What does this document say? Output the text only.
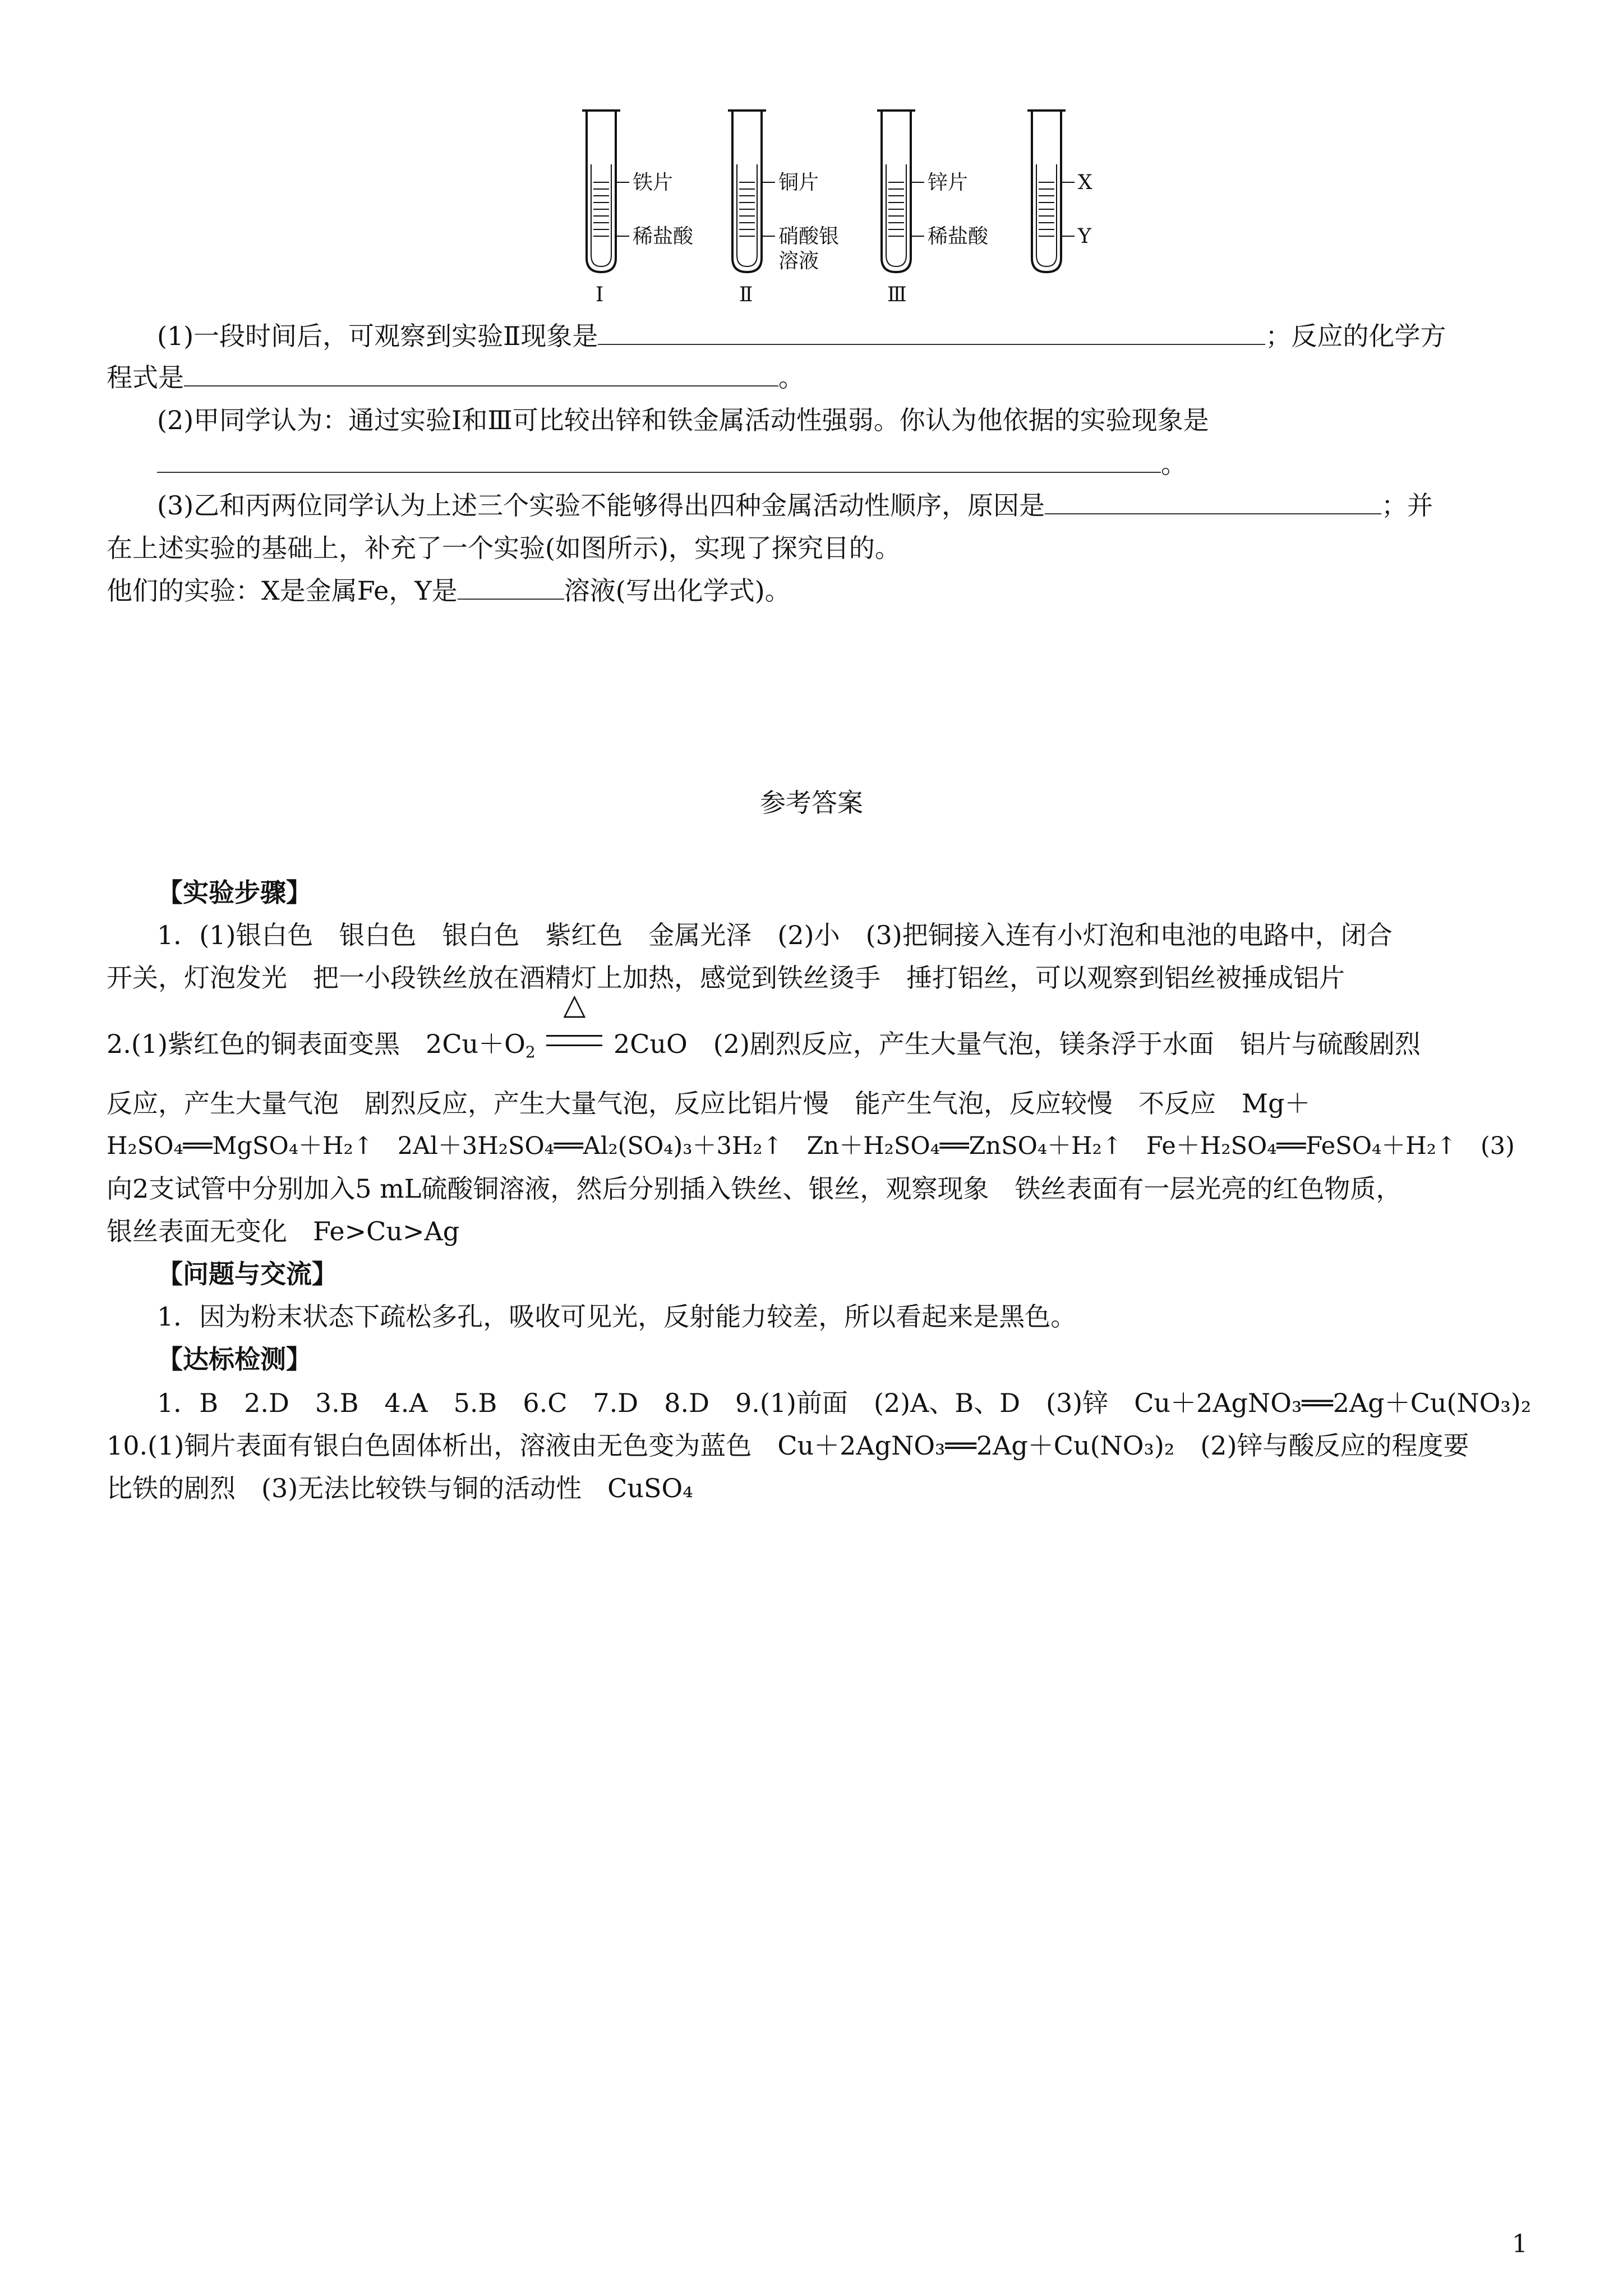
铁片
稀盐酸
Ⅰ
铜片
硝酸银
溶液
Ⅱ
锌片
稀盐酸
Ⅲ
X
Y
(1)一段时间后，可观察到实验Ⅱ现象是	；反应的化学方
程式是	。
(2)甲同学认为：通过实验Ⅰ和Ⅲ可比较出锌和铁金属活动性强弱。你认为他依据的实验现象是
。
(3)乙和丙两位同学认为上述三个实验不能够得出四种金属活动性顺序，原因是	；并
在上述实验的基础上，补充了一个实验(如图所示)，实现了探究目的。
他们的实验：X是金属Fe，Y是	溶液(写出化学式)。
参考答案
【实验步骤】
1．(1)银白色　银白色　银白色　紫红色　金属光泽　(2)小　(3)把铜接入连有小灯泡和电池的电路中，闭合
开关，灯泡发光　把一小段铁丝放在酒精灯上加热，感觉到铁丝烫手　捶打铝丝，可以观察到铝丝被捶成铝片
2.(1)紫红色的铜表面变黑　$2Cu+O_2$
△
2CuO　(2)剧烈反应，产生大量气泡，镁条浮于水面　铝片与硫酸剧烈
反应，产生大量气泡　剧烈反应，产生大量气泡，反应比铝片慢　能产生气泡，反应较慢　不反应　Mg＋
H₂SO₄══MgSO₄＋H₂↑　2Al＋3H₂SO₄══Al₂(SO₄)₃＋3H₂↑　Zn＋H₂SO₄══ZnSO₄＋H₂↑　Fe＋H₂SO₄══FeSO₄＋H₂↑　(3)
向2支试管中分别加入5 mL硫酸铜溶液，然后分别插入铁丝、银丝，观察现象　铁丝表面有一层光亮的红色物质，
银丝表面无变化　Fe>Cu>Ag
【问题与交流】
1．因为粉末状态下疏松多孔，吸收可见光，反射能力较差，所以看起来是黑色。
【达标检测】
1．B　2.D　3.B　4.A　5.B　6.C　7.D　8.D　9.(1)前面　(2)A、B、D　(3)锌　Cu＋2AgNO₃══2Ag＋Cu(NO₃)₂
10.(1)铜片表面有银白色固体析出，溶液由无色变为蓝色　Cu＋2AgNO₃══2Ag＋Cu(NO₃)₂　(2)锌与酸反应的程度要
比铁的剧烈　(3)无法比较铁与铜的活动性　CuSO₄
1
